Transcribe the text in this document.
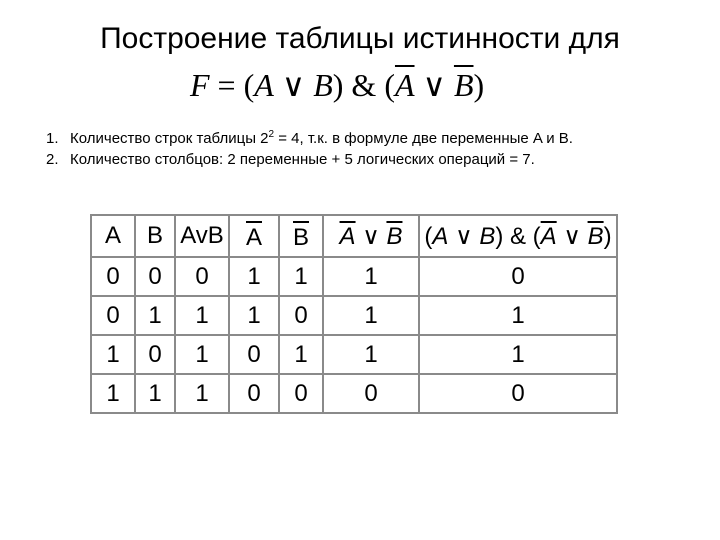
Построение таблицы истинности для
F = (A ∨ B) & ($\overline{A}$ ∨ $\overline{B}$)
1. Количество строк таблицы $2^2 = 4$, т.к. в формуле две переменные A и B.
2. Количество столбцов: 2 переменные + 5 логических операций = 7.
A	B	AvB	A	B	$\overline{A}$ ∨ $\overline{B}$	(A ∨ B) & ($\overline{A}$ ∨ $\overline{B}$)
0	0	0	1	1	1	0
0	1	1	1	0	1	1
1	0	1	0	1	1	1
1	1	1	0	0	0	0
